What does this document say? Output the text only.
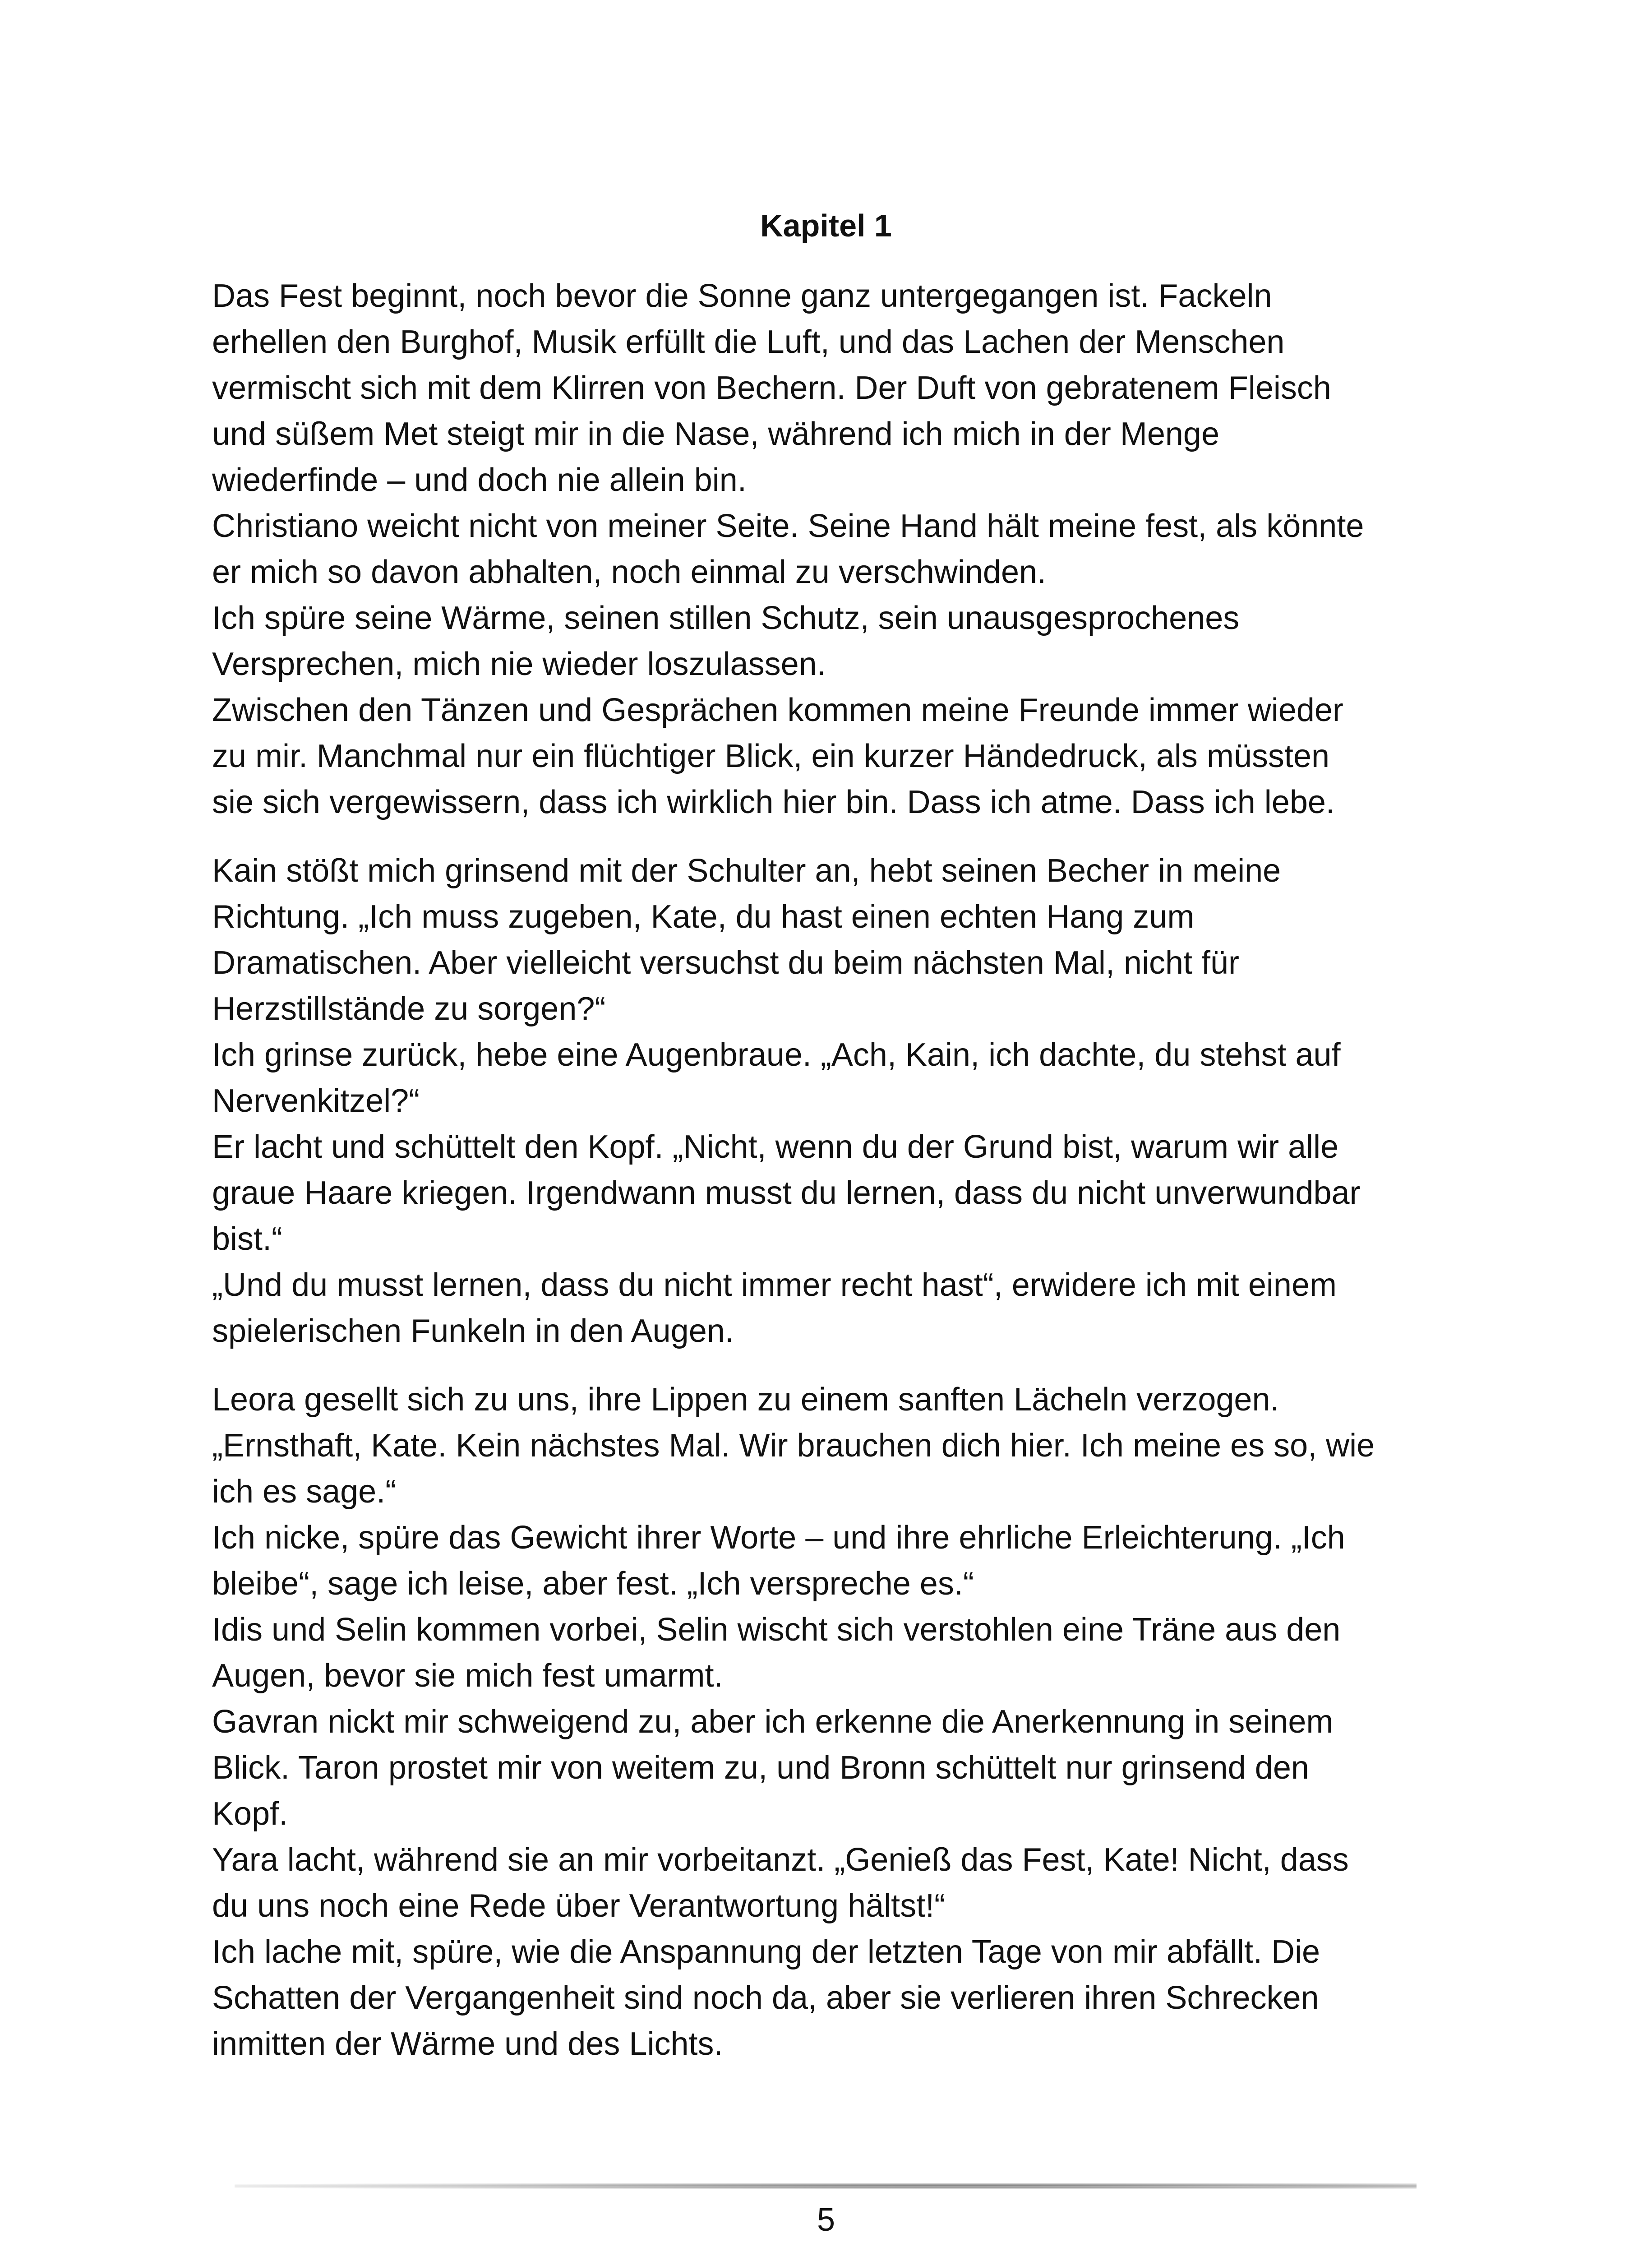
Kapitel 1

Das Fest beginnt, noch bevor die Sonne ganz untergegangen ist. Fackeln

erhellen den Burghof, Musik erfüllt die Luft, und das Lachen der Menschen

vermischt sich mit dem Klirren von Bechern. Der Duft von gebratenem Fleisch

und süßem Met steigt mir in die Nase, während ich mich in der Menge

wiederfinde – und doch nie allein bin.

Christiano weicht nicht von meiner Seite. Seine Hand hält meine fest, als könnte

er mich so davon abhalten, noch einmal zu verschwinden.

Ich spüre seine Wärme, seinen stillen Schutz, sein unausgesprochenes

Versprechen, mich nie wieder loszulassen.

Zwischen den Tänzen und Gesprächen kommen meine Freunde immer wieder

zu mir. Manchmal nur ein flüchtiger Blick, ein kurzer Händedruck, als müssten

sie sich vergewissern, dass ich wirklich hier bin. Dass ich atme. Dass ich lebe.

Kain stößt mich grinsend mit der Schulter an, hebt seinen Becher in meine

Richtung. „Ich muss zugeben, Kate, du hast einen echten Hang zum

Dramatischen. Aber vielleicht versuchst du beim nächsten Mal, nicht für

Herzstillstände zu sorgen?“

Ich grinse zurück, hebe eine Augenbraue. „Ach, Kain, ich dachte, du stehst auf

Nervenkitzel?“

Er lacht und schüttelt den Kopf. „Nicht, wenn du der Grund bist, warum wir alle

graue Haare kriegen. Irgendwann musst du lernen, dass du nicht unverwundbar

bist.“

„Und du musst lernen, dass du nicht immer recht hast“, erwidere ich mit einem

spielerischen Funkeln in den Augen.

Leora gesellt sich zu uns, ihre Lippen zu einem sanften Lächeln verzogen.

„Ernsthaft, Kate. Kein nächstes Mal. Wir brauchen dich hier. Ich meine es so, wie

ich es sage.“

Ich nicke, spüre das Gewicht ihrer Worte – und ihre ehrliche Erleichterung. „Ich

bleibe“, sage ich leise, aber fest. „Ich verspreche es.“

Idis und Selin kommen vorbei, Selin wischt sich verstohlen eine Träne aus den

Augen, bevor sie mich fest umarmt.

Gavran nickt mir schweigend zu, aber ich erkenne die Anerkennung in seinem

Blick. Taron prostet mir von weitem zu, und Bronn schüttelt nur grinsend den

Kopf.

Yara lacht, während sie an mir vorbeitanzt. „Genieß das Fest, Kate! Nicht, dass

du uns noch eine Rede über Verantwortung hältst!“

Ich lache mit, spüre, wie die Anspannung der letzten Tage von mir abfällt. Die

Schatten der Vergangenheit sind noch da, aber sie verlieren ihren Schrecken

inmitten der Wärme und des Lichts.

5
